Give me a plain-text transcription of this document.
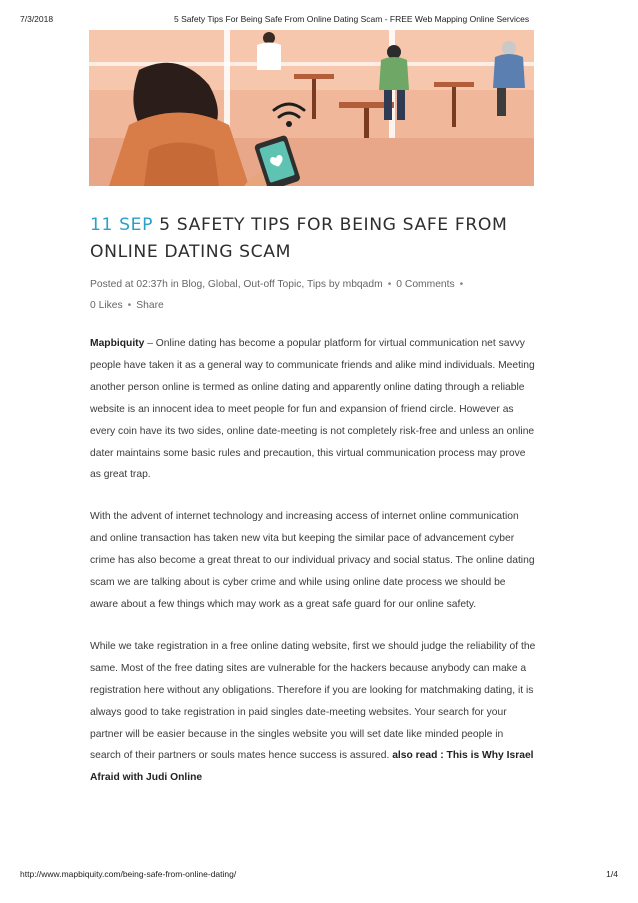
7/3/2018	5 Safety Tips For Being Safe From Online Dating Scam - FREE Web Mapping Online Services
11 SEP 5 SAFETY TIPS FOR BEING SAFE FROM ONLINE DATING SCAM
Posted at 02:37h in Blog, Global, Out-off Topic, Tips by mbqadm • 0 Comments •
0 Likes • Share

Mapbiquity – Online dating has become a popular platform for virtual communication net savvy people have taken it as a general way to communicate friends and alike mind individuals. Meeting another person online is termed as online dating and apparently online dating through a reliable website is an innocent idea to meet people for fun and expansion of friend circle. However as every coin have its two sides, online date-meeting is not completely risk-free and unless an online dater maintains some basic rules and precaution, this virtual communication process may prove as great trap.

With the advent of internet technology and increasing access of internet online communication and online transaction has taken new vita but keeping the similar pace of advancement cyber crime has also become a great threat to our individual privacy and social status. The online dating scam we are talking about is cyber crime and while using online date process we should be aware about a few things which may work as a great safe guard for our online safety.

While we take registration in a free online dating website, first we should judge the reliability of the same. Most of the free dating sites are vulnerable for the hackers because anybody can make a registration here without any obligations. Therefore if you are looking for matchmaking dating, it is always good to take registration in paid singles date-meeting websites. Your search for your partner will be easier because in the singles website you will set date like minded people in search of their partners or souls mates hence success is assured. also read : This is Why Israel Afraid with Judi Online

http://www.mapbiquity.com/being-safe-from-online-dating/	1/4
